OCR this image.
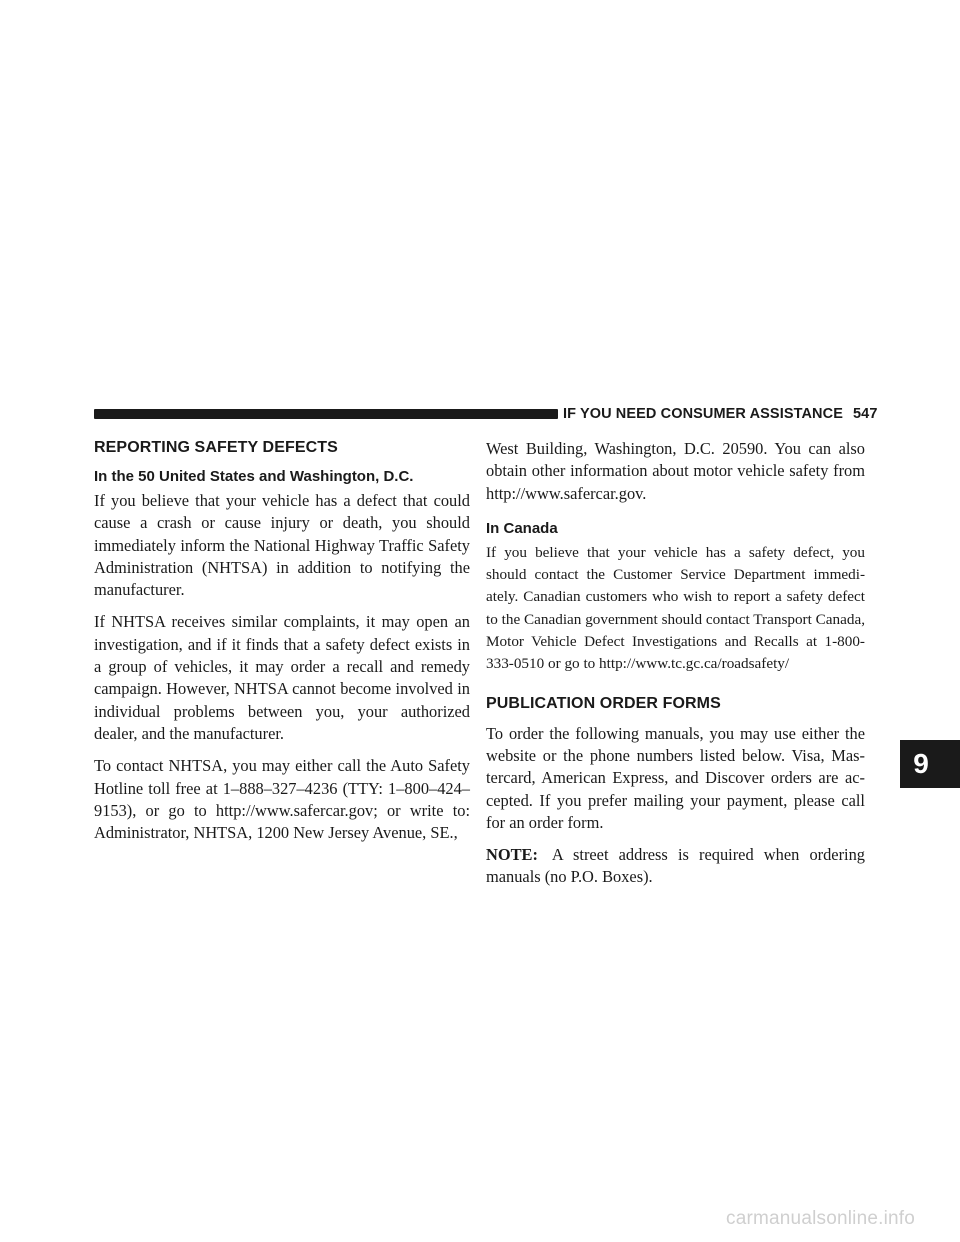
IF YOU NEED CONSUMER ASSISTANCE 547
REPORTING SAFETY DEFECTS
In the 50 United States and Washington, D.C.

If you believe that your vehicle has a defect that could cause a crash or cause injury or death, you should immediately inform the National Highway Traffic Safety Administration (NHTSA) in addition to notifying the manufacturer.

If NHTSA receives similar complaints, it may open an investigation, and if it finds that a safety defect exists in a group of vehicles, it may order a recall and remedy campaign. However, NHTSA cannot become involved in individual problems between you, your authorized dealer, and the manufacturer.

To contact NHTSA, you may either call the Auto Safety Hotline toll free at 1–888–327–4236 (TTY: 1–800–424–9153), or go to http://www.safercar.gov; or write to: Administrator, NHTSA, 1200 New Jersey Avenue, SE.,

West Building, Washington, D.C. 20590. You can also obtain other information about motor vehicle safety from http://www.safercar.gov.

In Canada

If you believe that your vehicle has a safety defect, you should contact the Customer Service Department immedi-ately. Canadian customers who wish to report a safety defect to the Canadian government should contact Transport Canada, Motor Vehicle Defect Investigations and Recalls at 1-800-333-0510 or go to http://www.tc.gc.ca/roadsafety/

PUBLICATION ORDER FORMS

To order the following manuals, you may use either the website or the phone numbers listed below. Visa, Mas-tercard, American Express, and Discover orders are ac-cepted. If you prefer mailing your payment, please call for an order form.

NOTE: A street address is required when ordering manuals (no P.O. Boxes).

9
carmanualsonline.info
